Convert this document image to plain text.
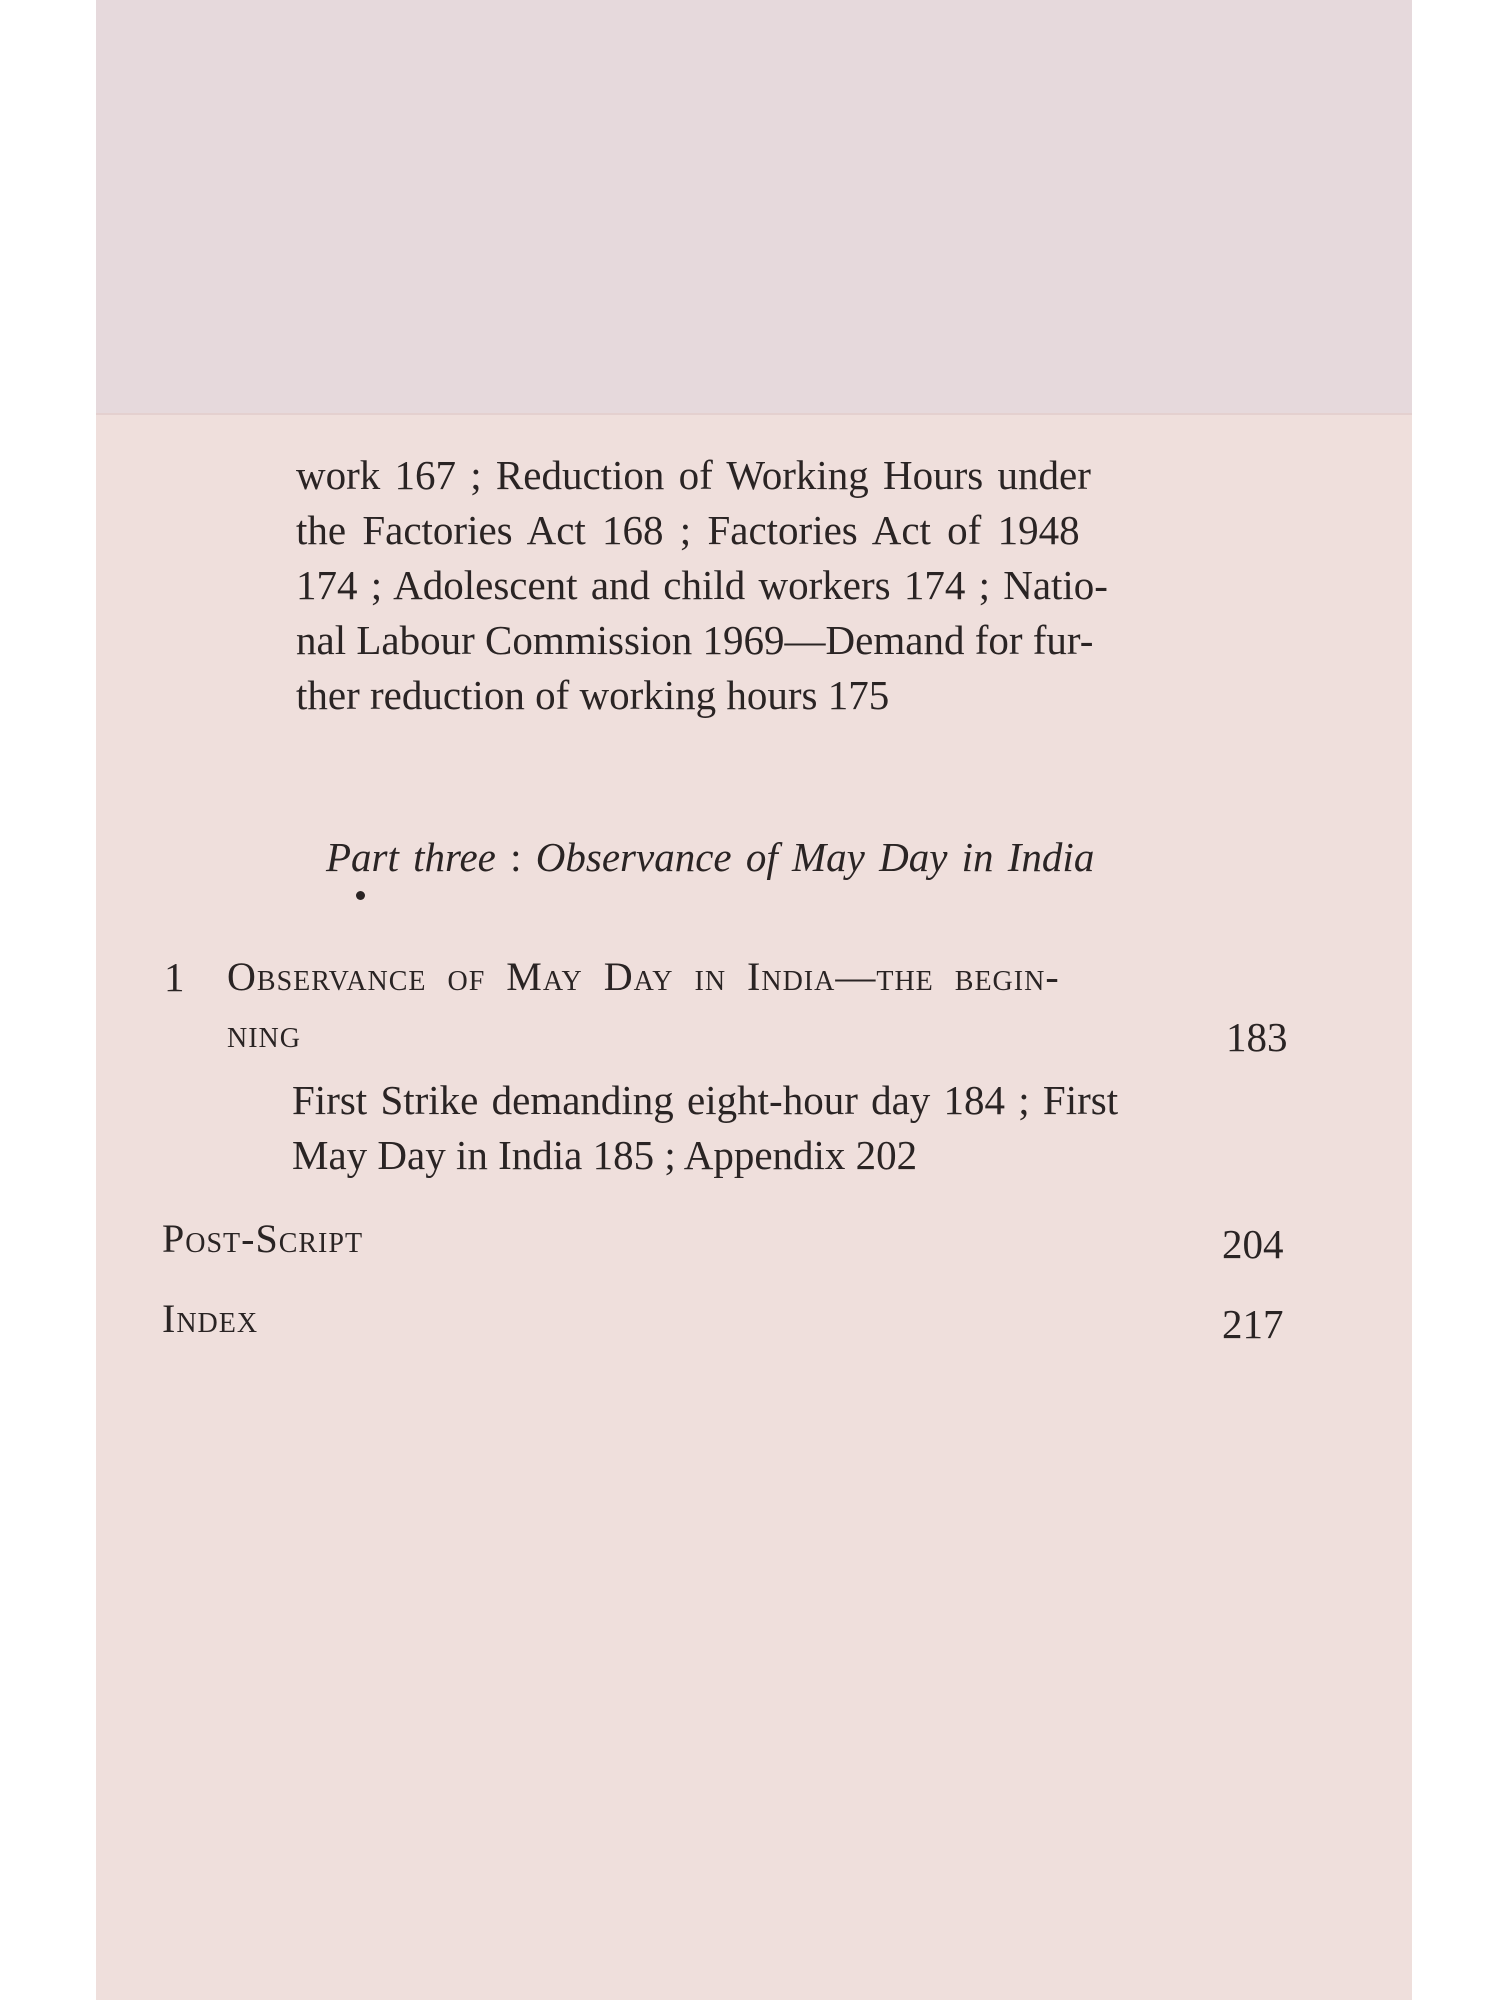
work 167 ; Reduction of Working Hours under
the Factories Act 168 ; Factories Act of 1948
174 ; Adolescent and child workers 174 ; Natio-
nal Labour Commission 1969—Demand for fur-
ther reduction of working hours 175
Part three : Observance of May Day in India
1 Observance of May Day in India—the begin-
ning	183
First Strike demanding eight-hour day 184 ; First
May Day in India 185 ; Appendix 202
Post-Script	204
Index	217
